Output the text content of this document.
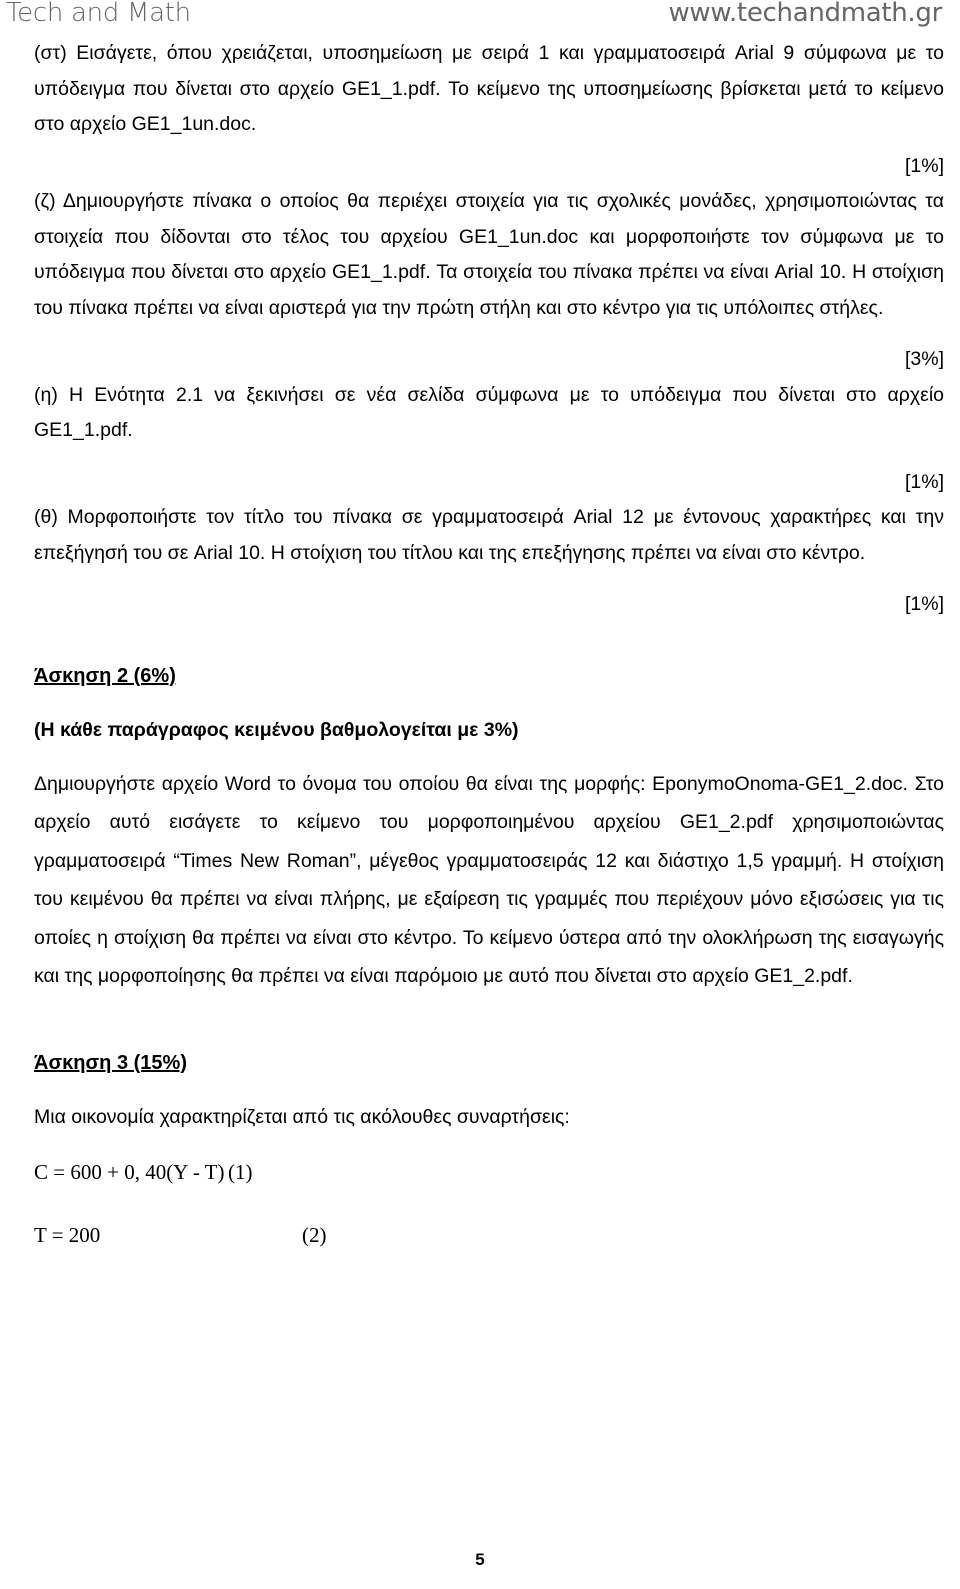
Tech and Math	www.techandmath.gr

(στ) Εισάγετε, όπου χρειάζεται, υποσημείωση με σειρά 1 και γραμματοσειρά Arial 9 σύμφωνα με το υπόδειγμα που δίνεται στο αρχείο GE1_1.pdf. Το κείμενο της υποσημείωσης βρίσκεται μετά το κείμενο στο αρχείο GE1_1un.doc.

[1%]

(ζ) Δημιουργήστε πίνακα ο οποίος θα περιέχει στοιχεία για τις σχολικές μονάδες, χρησιμοποιώντας τα στοιχεία που δίδονται στο τέλος του αρχείου GE1_1un.doc και μορφοποιήστε τον σύμφωνα με το υπόδειγμα που δίνεται στο αρχείο GE1_1.pdf. Τα στοιχεία του πίνακα πρέπει να είναι Arial 10. Η στοίχιση του πίνακα πρέπει να είναι αριστερά για την πρώτη στήλη και στο κέντρο για τις υπόλοιπες στήλες.

[3%]

(η) Η Ενότητα 2.1 να ξεκινήσει σε νέα σελίδα σύμφωνα με το υπόδειγμα που δίνεται στο αρχείο GE1_1.pdf.

[1%]

(θ) Μορφοποιήστε τον τίτλο του πίνακα σε γραμματοσειρά Arial 12 με έντονους χαρακτήρες και την επεξήγησή του σε Arial 10. Η στοίχιση του τίτλου και της επεξήγησης πρέπει να είναι στο κέντρο.

[1%]

Άσκηση 2 (6%)

(Η κάθε παράγραφος κειμένου βαθμολογείται με 3%)

Δημιουργήστε αρχείο Word το όνομα του οποίου θα είναι της μορφής: EponymoOnoma-GE1_2.doc. Στο αρχείο αυτό εισάγετε το κείμενο του μορφοποιημένου αρχείου GE1_2.pdf χρησιμοποιώντας γραμματοσειρά “Times New Roman”, μέγεθος γραμματοσειράς 12 και διάστιχο 1,5 γραμμή. Η στοίχιση του κειμένου θα πρέπει να είναι πλήρης, με εξαίρεση τις γραμμές που περιέχουν μόνο εξισώσεις για τις οποίες η στοίχιση θα πρέπει να είναι στο κέντρο. Το κείμενο ύστερα από την ολοκλήρωση της εισαγωγής και της μορφοποίησης θα πρέπει να είναι παρόμοιο με αυτό που δίνεται στο αρχείο GE1_2.pdf.

Άσκηση 3 (15%)

Μια οικονομία χαρακτηρίζεται από τις ακόλουθες συναρτήσεις:

C = 600 + 0, 40(Y - T) (1)
T = 200	(2)
5
